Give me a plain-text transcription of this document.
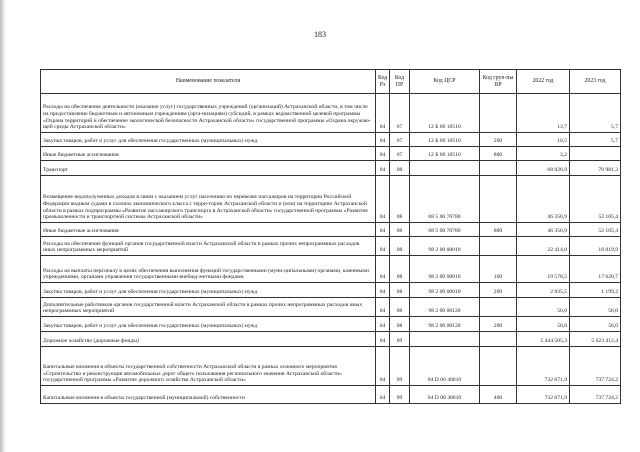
183
Наименование показателя	Код Рз	Код ПР	Код ЦСР	Код груп-пы ВР	2022 год	2023 год
Расходы на обеспечение деятельности (оказание услуг) государственных учреждений (организаций) Астраханской области, в том числе на предоставление бюджетным и автономным учреждениям (орга-низациям) субсидий, в рамках ведомственной целевой программы «Охрана территорий и обеспечение экологической безопасности Астраханской области» государственной программы «Охрана окружаю-щей среды Астраханской области»	04	07	12 Б 00 10510		13,7	5,7
Закупка товаров, работ и услуг для обеспечения государственных (муниципальных) нужд	04	07	12 Б 00 10510	200	10,5	5,7
Иные бюджетные ассигнования	04	07	12 Б 00 10510	800	3,2	
Транспорт	04	08			68 826,9	70 981,3
Возмещение недополученных доходов в связи с оказанием услуг населению по перевозке пассажиров на территории Российской Федерации водным судами в салонах экономического класса с терри-тории Астраханской области и (или) на территорию Астраханской области в рамках подпрограммы «Развитие пассажирского транспорта в Астраханской области» государственной программы «Развитие промышленности и транспортной системы Астраханской области»	04	08	08 5 00 70780		46 356,9	52 105,4
Иные бюджетные ассигнования	04	08	08 5 00 70780	800	46 356,9	52 105,4
Расходы на обеспечение функций органов государственной власти Астраханской области в рамках прочих непрограммных расходов иных непрограммных мероприятий	04	08	98 2 00 00010		22 414,0	18 819,9
Расходы на выплаты персоналу в целях обеспечения выполнения функций государственными (муни-ципальными) органами, казенными учреждениями, органами управления государственными внебюд-жетными фондами	04	08	98 2 00 00010	100	19 578,5	17 620,7
Закупка товаров, работ и услуг для обеспечения государственных (муниципальных) нужд	04	08	98 2 00 00010	200	2 835,5	1 199,2
Дополнительные работников органов государственной власти Астраханской области в рамках прочих непрограммных расходов иных непрограммных мероприятий	04	08	98 2 00 00120		56,0	56,0
Закупка товаров, работ и услуг для обеспечения государственных (муниципальных) нужд	04	08	98 2 00 00120	200	56,0	56,0
Дорожное хозяйство (дорожные фонды)	04	09			5 444 505,3	5 623 412,4
Капитальные вложения в объекты государственной собственности Астраханской области в рамках основного мероприятия «Строительство и реконструкция автомобильных дорог общего пользования регионального значения Астраханской области» государственной программы «Развитие дорожного хозяйства Астраханской области»	04	09	04 D 00 40010		732 671,9	737 724,2
Капитальные вложения в объекты государственной (муниципальной) собственности	04	09	04 D 00 40010	400	732 671,9	737 724,2
